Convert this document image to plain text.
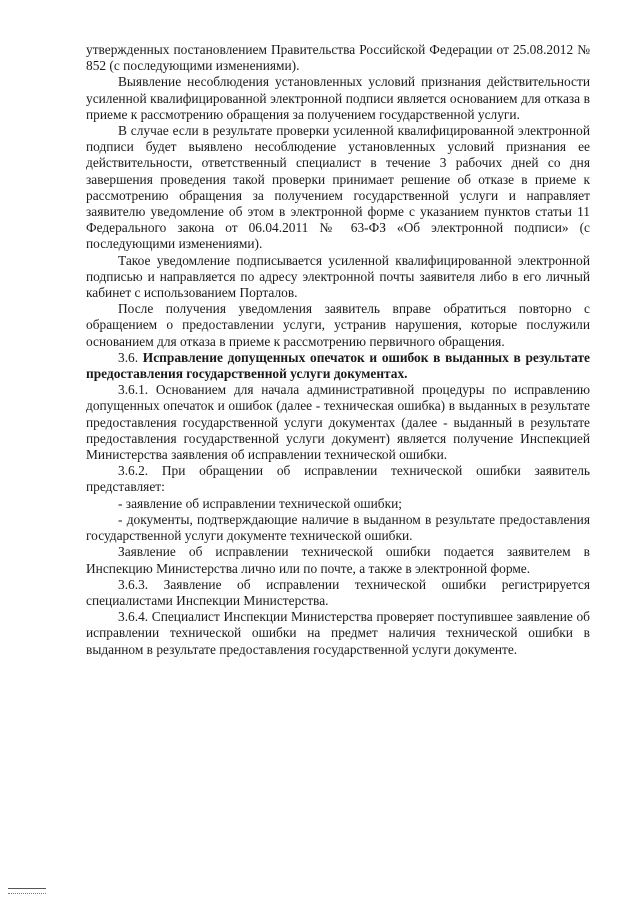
утвержденных постановлением Правительства Российской Федерации от 25.08.2012 № 852 (с последующими изменениями).

Выявление несоблюдения установленных условий признания действительности усиленной квалифицированной электронной подписи является основанием для отказа в приеме к рассмотрению обращения за получением государственной услуги.

В случае если в результате проверки усиленной квалифицированной электронной подписи будет выявлено несоблюдение установленных условий признания ее действительности, ответственный специалист в течение 3 рабочих дней со дня завершения проведения такой проверки принимает решение об отказе в приеме к рассмотрению обращения за получением государственной услуги и направляет заявителю уведомление об этом в электронной форме с указанием пунктов статьи 11 Федерального закона от 06.04.2011 № 63-ФЗ «Об электронной подписи» (с последующими изменениями).

Такое уведомление подписывается усиленной квалифицированной электронной подписью и направляется по адресу электронной почты заявителя либо в его личный кабинет с использованием Порталов.

После получения уведомления заявитель вправе обратиться повторно с обращением о предоставлении услуги, устранив нарушения, которые послужили основанием для отказа в приеме к рассмотрению первичного обращения.

3.6. Исправление допущенных опечаток и ошибок в выданных в результате предоставления государственной услуги документах.

3.6.1. Основанием для начала административной процедуры по исправлению допущенных опечаток и ошибок (далее - техническая ошибка) в выданных в результате предоставления государственной услуги документах (далее - выданный в результате предоставления государственной услуги документ) является получение Инспекцией Министерства заявления об исправлении технической ошибки.

3.6.2. При обращении об исправлении технической ошибки заявитель представляет:

- заявление об исправлении технической ошибки;

- документы, подтверждающие наличие в выданном в результате предоставления государственной услуги документе технической ошибки.

Заявление об исправлении технической ошибки подается заявителем в Инспекцию Министерства лично или по почте, а также в электронной форме.

3.6.3. Заявление об исправлении технической ошибки регистрируется специалистами Инспекции Министерства.

3.6.4. Специалист Инспекции Министерства проверяет поступившее заявление об исправлении технической ошибки на предмет наличия технической ошибки в выданном в результате предоставления государственной услуги документе.
